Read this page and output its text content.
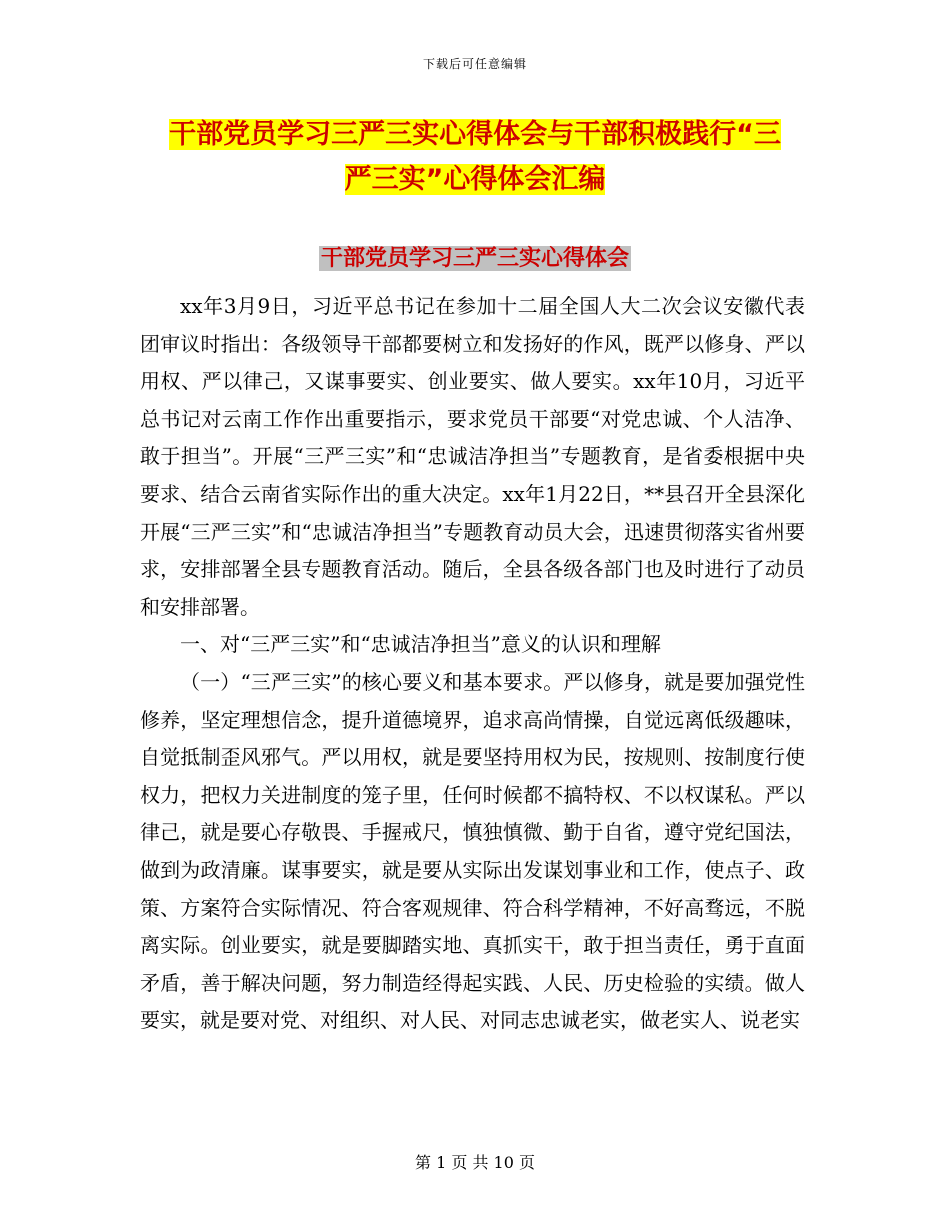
下载后可任意编辑
干部党员学习三严三实心得体会与干部积极践行“三
严三实”心得体会汇编
干部党员学习三严三实心得体会

xx年3月9日，习近平总书记在参加十二届全国人大二次会议安徽代表团审议时指出：各级领导干部都要树立和发扬好的作风，既严以修身、严以用权、严以律己，又谋事要实、创业要实、做人要实。xx年10月，习近平总书记对云南工作作出重要指示，要求党员干部要“对党忠诚、个人洁净、敢于担当”。开展“三严三实”和“忠诚洁净担当”专题教育，是省委根据中央要求、结合云南省实际作出的重大决定。xx年1月22日，**县召开全县深化开展“三严三实”和“忠诚洁净担当”专题教育动员大会，迅速贯彻落实省州要求，安排部署全县专题教育活动。随后，全县各级各部门也及时进行了动员和安排部署。

一、对“三严三实”和“忠诚洁净担当”意义的认识和理解

（一）“三严三实”的核心要义和基本要求。严以修身，就是要加强党性修养，坚定理想信念，提升道德境界，追求高尚情操，自觉远离低级趣味，自觉抵制歪风邪气。严以用权，就是要坚持用权为民，按规则、按制度行使权力，把权力关进制度的笼子里，任何时候都不搞特权、不以权谋私。严以律己，就是要心存敬畏、手握戒尺，慎独慎微、勤于自省，遵守党纪国法，做到为政清廉。谋事要实，就是要从实际出发谋划事业和工作，使点子、政策、方案符合实际情况、符合客观规律、符合科学精神，不好高骛远，不脱离实际。创业要实，就是要脚踏实地、真抓实干，敢于担当责任，勇于直面矛盾，善于解决问题，努力制造经得起实践、人民、历史检验的实绩。做人要实，就是要对党、对组织、对人民、对同志忠诚老实，做老实人、说老实

第 1 页 共 10 页
